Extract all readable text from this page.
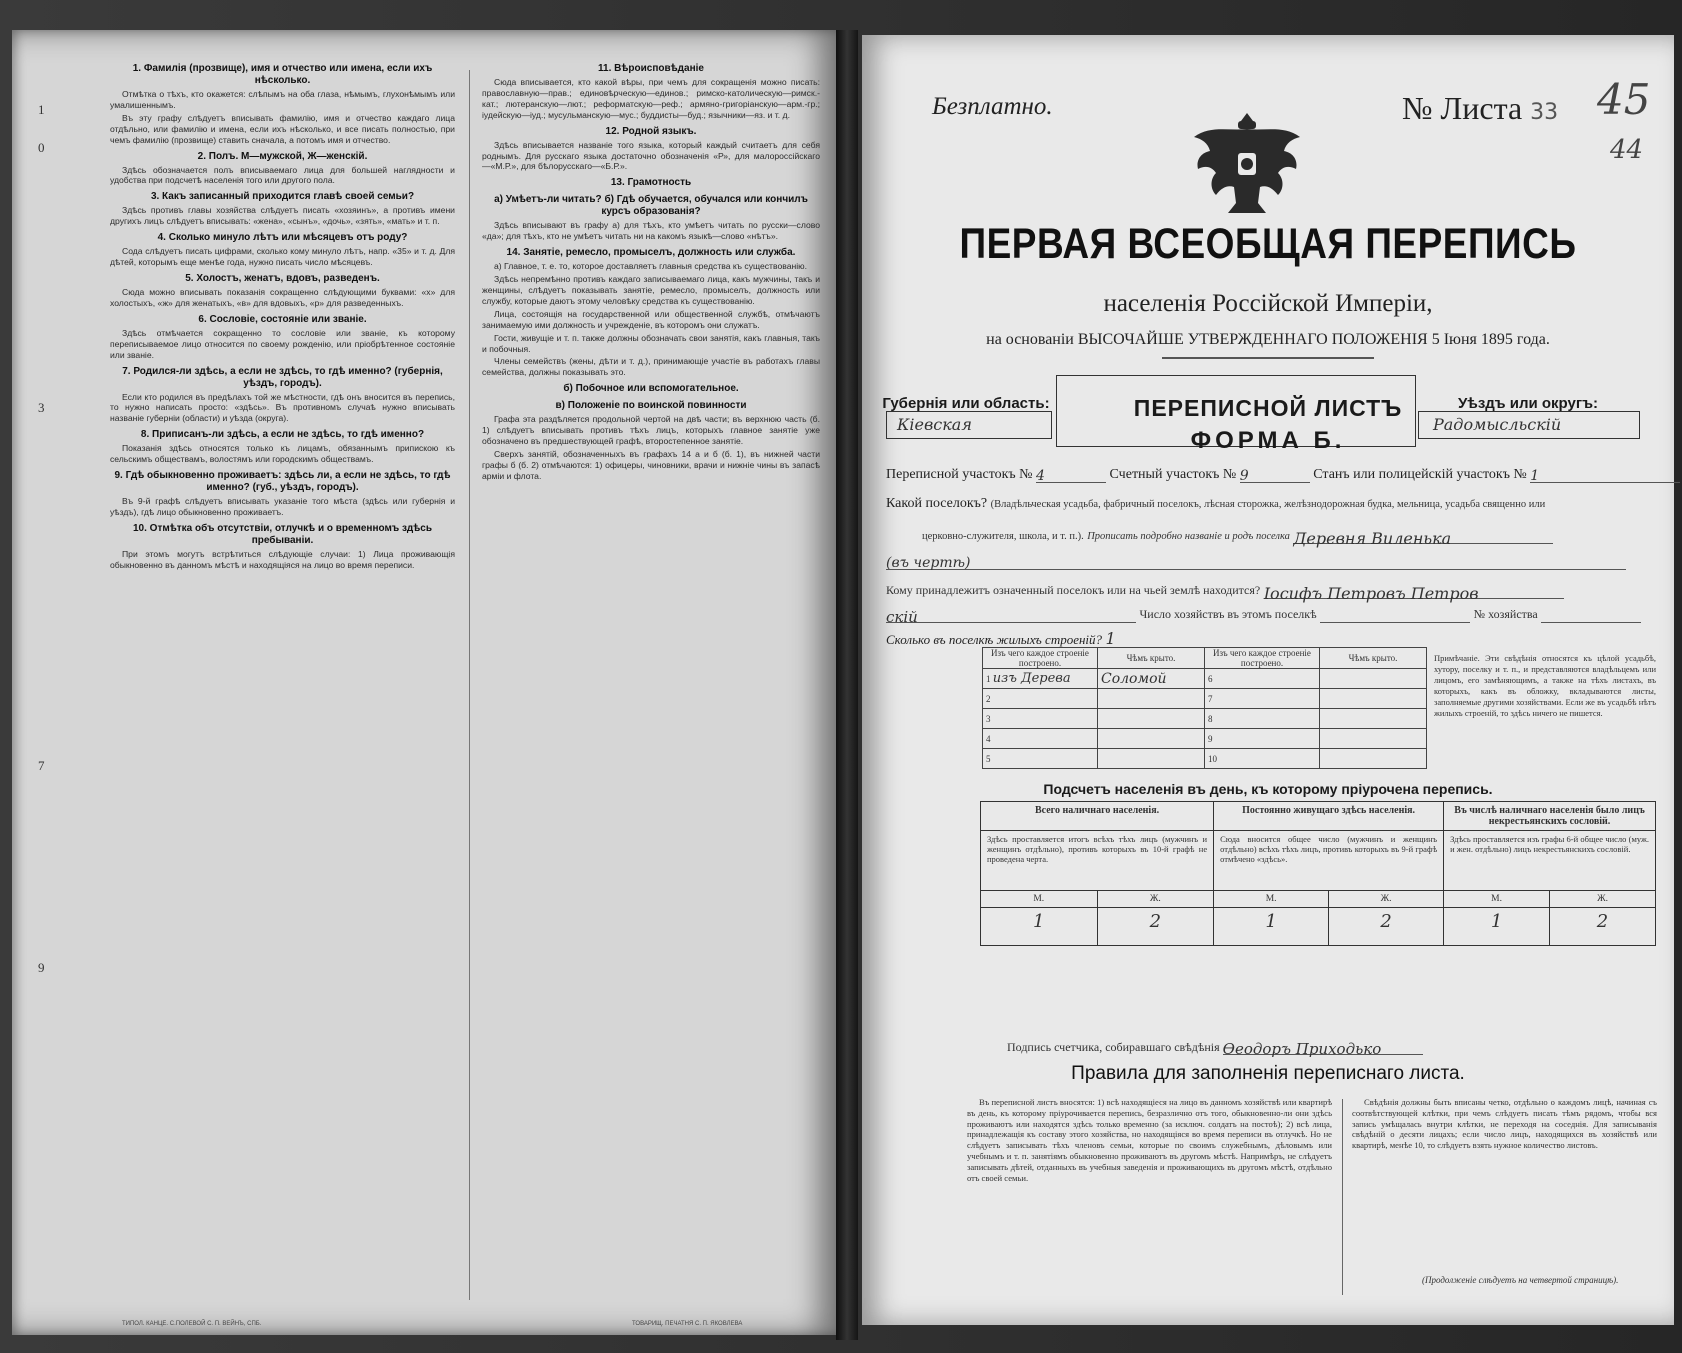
1
0
3
7
9
1. Фамилія (прозвище), имя и отчество или имена, если ихъ нѣсколько.

Отмѣтка о тѣхъ, кто окажется: слѣпымъ на оба глаза, нѣмымъ, глухонѣмымъ или умалишеннымъ.

Въ эту графу слѣдуетъ вписывать фамилію, имя и отчество каждаго лица отдѣльно, или фамилію и имена, если ихъ нѣсколько, и все писать полностью, при чемъ фамилію (прозвище) ставить сначала, а потомъ имя и отчество.

2. Полъ. М—мужской, Ж—женскій.

Здѣсь обозначается полъ вписываемаго лица для большей наглядности и удобства при подсчетѣ населенія того или другого пола.

3. Какъ записанный приходится главѣ своей семьи?

Здѣсь противъ главы хозяйства слѣдуетъ писать «хозяинъ», а противъ имени другихъ лицъ слѣдуетъ вписывать: «жена», «сынъ», «дочь», «зять», «мать» и т. п.

4. Сколько минуло лѣтъ или мѣсяцевъ отъ роду?

Сода слѣдуетъ писать цифрами, сколько кому минуло лѣтъ, напр. «35» и т. д. Для дѣтей, которымъ еще менѣе года, нужно писать число мѣсяцевъ.

5. Холостъ, женатъ, вдовъ, разведенъ.

Сюда можно вписывать показанія сокращенно слѣдующими буквами: «х» для холостыхъ, «ж» для женатыхъ, «в» для вдовыхъ, «р» для разведенныхъ.

6. Сословіе, состояніе или званіе.

Здѣсь отмѣчается сокращенно то сословіе или званіе, къ которому переписываемое лицо относится по своему рожденію, или пріобрѣтенное состояніе или званіе.

7. Родился-ли здѣсь, а если не здѣсь, то гдѣ именно? (губернія, уѣздъ, городъ).

Если кто родился въ предѣлахъ той же мѣстности, гдѣ онъ вносится въ перепись, то нужно написать просто: «здѣсь». Въ противномъ случаѣ нужно вписывать названіе губерніи (области) и уѣзда (округа).

8. Приписанъ-ли здѣсь, а если не здѣсь, то гдѣ именно?

Показанія здѣсь относятся только къ лицамъ, обязаннымъ припискою къ сельскимъ обществамъ, волостямъ или городскимъ обществамъ.

9. Гдѣ обыкновенно проживаетъ: здѣсь ли, а если не здѣсь, то гдѣ именно? (губ., уѣздъ, городъ).

Въ 9-й графѣ слѣдуетъ вписывать указаніе того мѣста (здѣсь или губернія и уѣздъ), гдѣ лицо обыкновенно проживаетъ.

10. Отмѣтка объ отсутствіи, отлучкѣ и о временномъ здѣсь пребываніи.

При этомъ могутъ встрѣтиться слѣдующіе случаи: 1) Лица проживающія обыкновенно въ данномъ мѣстѣ и находящіяся на лицо во время переписи.

11. Вѣроисповѣданіе

Сюда вписывается, кто какой вѣры, при чемъ для сокращенія можно писать: православную—прав.; единовѣрческую—единов.; римско-католическую—римск.-кат.; лютеранскую—лют.; реформатскую—реф.; армяно-григоріанскую—арм.-гр.; іудейскую—іуд.; мусульманскую—мус.; буддисты—буд.; язычники—яз. и т. д.

12. Родной языкъ.

Здѣсь вписывается названіе того языка, который каждый считаетъ для себя роднымъ. Для русскаго языка достаточно обозначенія «Р», для малороссійскаго—«М.Р.», для бѣлорусскаго—«Б.Р.».

13. Грамотность
а) Умѣетъ-ли читать? б) Гдѣ обучается, обучался или кончилъ курсъ образованія?

Здѣсь вписывают въ графу а) для тѣхъ, кто умѣетъ читать по русски—слово «да»; для тѣхъ, кто не умѣетъ читать ни на какомъ языкѣ—слово «нѣтъ».

14. Занятіе, ремесло, промыселъ, должность или служба.

а) Главное, т. е. то, которое доставляетъ главныя средства къ существованію.

Здѣсь непремѣнно противъ каждаго записываемаго лица, какъ мужчины, такъ и женщины, слѣдуетъ показывать занятіе, ремесло, промыселъ, должность или службу, которые даютъ этому человѣку средства къ существованію.

Лица, состоящія на государственной или общественной службѣ, отмѣчаютъ занимаемую ими должность и учрежденіе, въ которомъ они служатъ.

Гости, живущіе и т. п. также должны обозначать свои занятія, какъ главныя, такъ и побочныя.

Члены семействъ (жены, дѣти и т. д.), принимающіе участіе въ работахъ главы семейства, должны показывать это.

б) Побочное или вспомогательное.
в) Положеніе по воинской повинности

Графа эта раздѣляется продольной чертой на двѣ части; въ верхнюю часть (б. 1) слѣдуетъ вписывать противъ тѣхъ лицъ, которыхъ главное занятіе уже обозначено въ предшествующей графѣ, второстепенное занятіе.

Сверхъ занятій, обозначенныхъ въ графахъ 14 а и б (б. 1), въ нижней части графы б (б. 2) отмѣчаются: 1) офицеры, чиновники, врачи и нижніе чины въ запасѣ арміи и флота.

ТИПОЛ. КАНЦЕ. С.ПОЛЕВОЙ С. П. ВЕЙНЪ, СПБ.	ТОВАРИЩ. ПЕЧАТНЯ С. П. ЯКОВЛЕВА
Безплатно.	№ Листа 33 45
44
ПЕРВАЯ ВСЕОБЩАЯ ПЕРЕПИСЬ
населенія Россійской Имперіи,
на основаніи ВЫСОЧАЙШЕ УТВЕРЖДЕННАГО ПОЛОЖЕНІЯ 5 Іюня 1895 года.
Губернія или область:
Кіевская
ПЕРЕПИСНОЙ ЛИСТЪ
ФОРМА Б.
Уѣздъ или округъ:
Радомысльскій
Переписной участокъ № 4	Счетный участокъ № 9	Станъ или полицейскій участокъ № 1
Какой поселокъ? (Владѣльческая усадьба, фабричный поселокъ, лѣсная сторожка, желѣзнодорожная будка, мельница, усадьба священно или
церковно-служителя, школа, и т. п.). Прописать подробно названіе и родъ поселка Деревня Виленька
(въ чертѣ)
Кому принадлежитъ означенный поселокъ или на чьей землѣ находится? Іосифъ Петровъ Петров
скій	Число хозяйствъ въ этомъ поселкѣ	№ хозяйства
Сколько въ поселкѣ жилыхъ строеній? 1
Изъ чего каждое строеніе построено.	Чѣмъ крыто.	Изъ чего каждое строеніе построено.	Чѣмъ крыто.
1 изъ Дерева	Соломой	6	
2		7	
3		8	
4		9	
5		10	
Примѣчаніе. Эти свѣдѣнія относятся къ цѣлой усадьбѣ, хутору, поселку и т. п., и представляются владѣльцемъ или лицомъ, его замѣняющимъ, а также на тѣхъ листахъ, въ которыхъ, какъ въ обложку, вкладываются листы, заполняемые другими хозяйствами. Если же въ усадьбѣ нѣтъ жилыхъ строеній, то здѣсь ничего не пишется.
Подсчетъ населенія въ день, къ которому пріурочена перепись.
Всего наличнаго населенія.		Постоянно живущаго здѣсь населенія.		Въ числѣ наличнаго населенія было лицъ некрестьянскихъ сословій.	
Здѣсь проставляется итогъ всѣхъ тѣхъ лицъ (мужчинъ и женщинъ отдѣльно), противъ которыхъ въ 10-й графѣ не проведена черта.		Сюда вносится общее число (мужчинъ и женщинъ отдѣльно) всѣхъ тѣхъ лицъ, противъ которыхъ въ 9-й графѣ отмѣчено «здѣсь».		Здѣсь проставляется изъ графы 6-й общее число (муж. и жен. отдѣльно) лицъ некрестьянскихъ сословій.	
М.	Ж.	М.	Ж.	М.	Ж.
1	2	1	2	1	2
Подпись счетчика, собиравшаго свѣдѣнія Өеодоръ Приходько
Правила для заполненія переписнаго листа.

Въ переписной листъ вносятся: 1) всѣ находящіеся на лицо въ данномъ хозяйствѣ или квартирѣ въ день, къ которому пріурочивается перепись, безразлично отъ того, обыкновенно-ли они здѣсь проживаютъ или находятся здѣсь только временно (за исключ. солдатъ на постоѣ); 2) всѣ лица, принадлежащія къ составу этого хозяйства, но находящіяся во время переписи въ отлучкѣ. Но не слѣдуетъ записывать тѣхъ членовъ семьи, которые по своимъ служебнымъ, дѣловымъ или учебнымъ и т. п. занятіямъ обыкновенно проживаютъ въ другомъ мѣстѣ. Напримѣръ, не слѣдуетъ записывать дѣтей, отданныхъ въ учебныя заведенія и проживающихъ въ другомъ мѣстѣ, отдѣльно отъ своей семьи.

Свѣдѣнія должны быть вписаны четко, отдѣльно о каждомъ лицѣ, начиная съ соотвѣтствующей клѣтки, при чемъ слѣдуетъ писать тѣмъ рядомъ, чтобы вся запись умѣщалась внутри клѣтки, не переходя на соседнія. Для записыванія свѣдѣній о десяти лицахъ; если число лицъ, находящихся въ хозяйствѣ или квартирѣ, менѣе 10, то слѣдуетъ взять нужное количество листовъ.

(Продолженіе слѣдуетъ на четвертой страницѣ).
